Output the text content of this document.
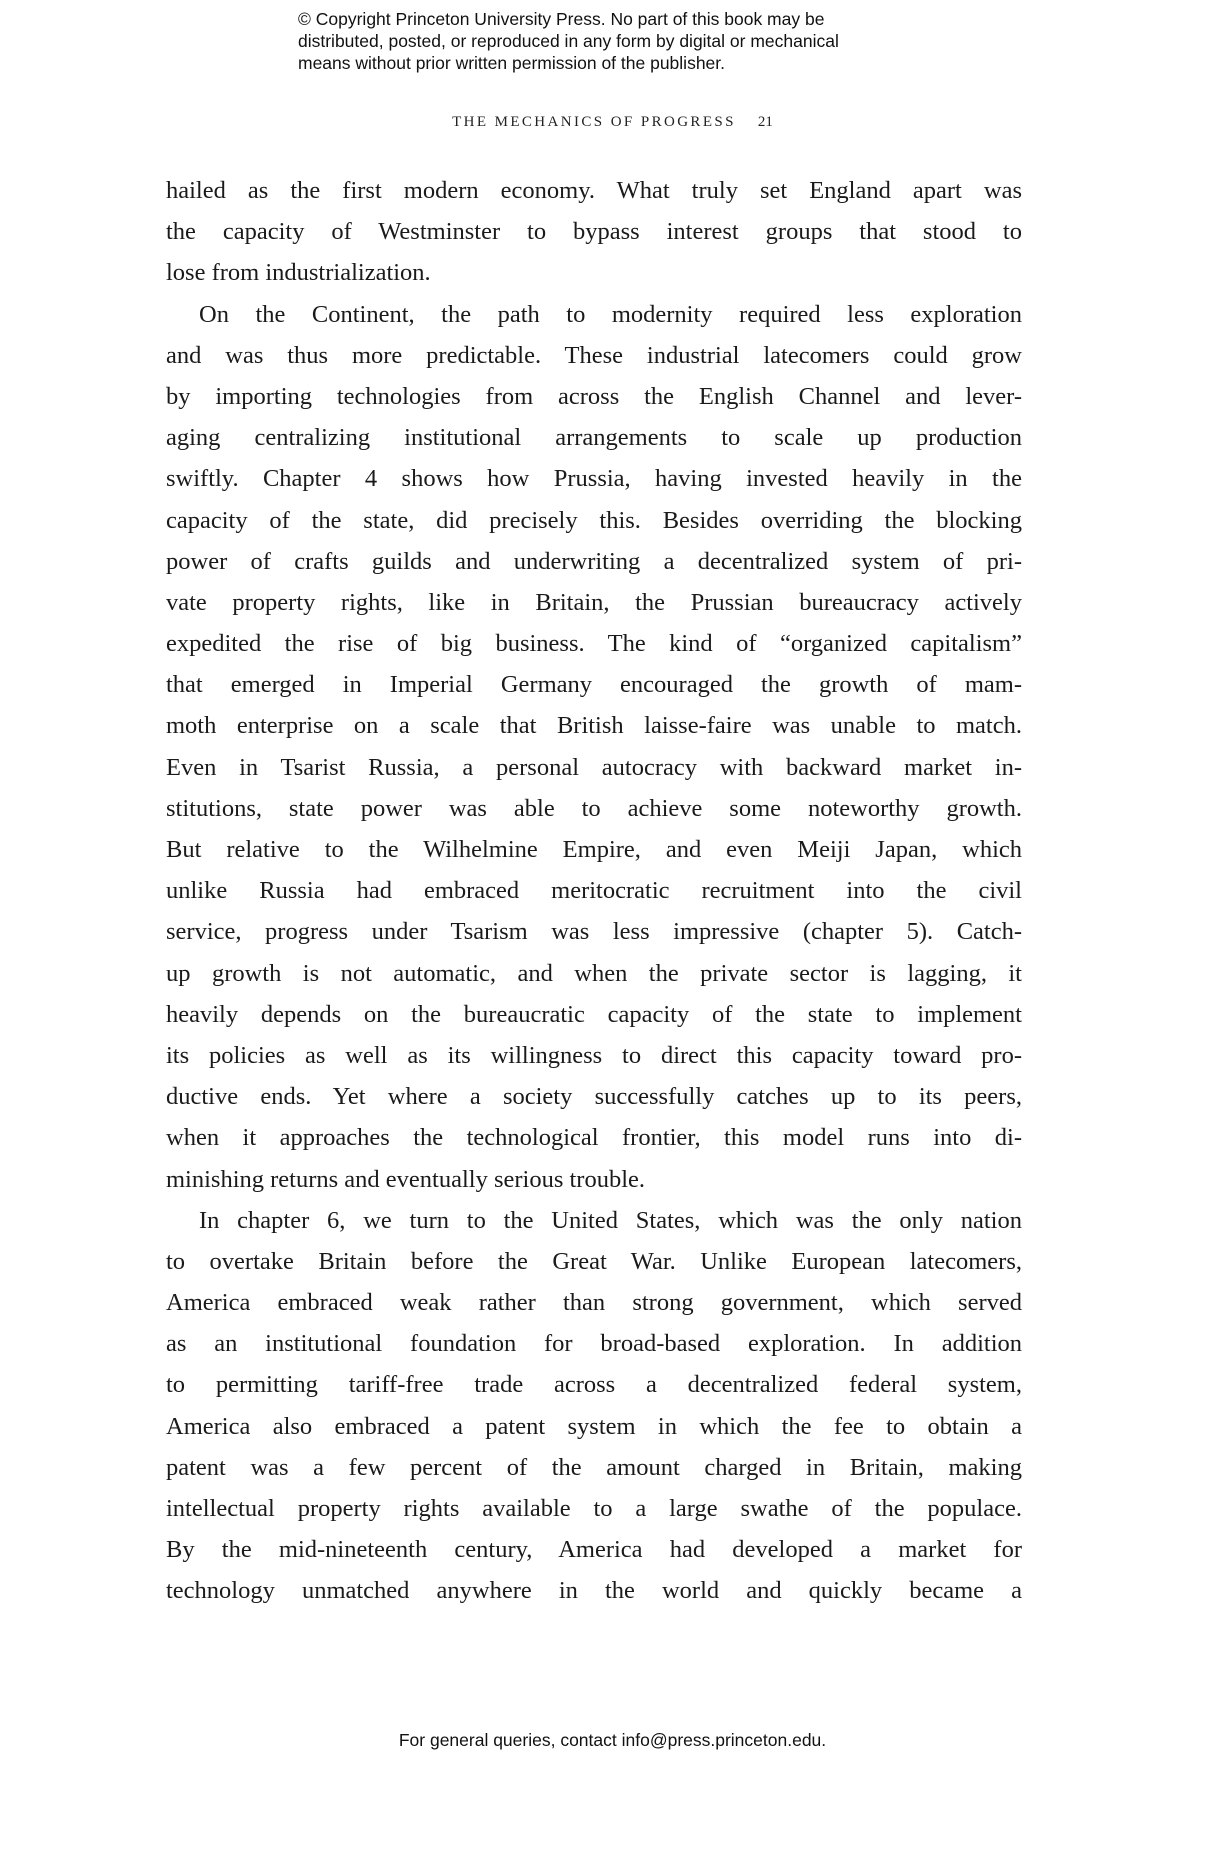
© Copyright Princeton University Press. No part of this book may be
distributed, posted, or reproduced in any form by digital or mechanical
means without prior written permission of the publisher.
THE MECHANICS OF PROGRESS 21
hailed as the first modern economy. What truly set England apart was
the capacity of Westminster to bypass interest groups that stood to
lose from industrialization.
On the Continent, the path to modernity required less exploration
and was thus more predictable. These industrial latecomers could grow
by importing technologies from across the English Channel and lever-
aging centralizing institutional arrangements to scale up production
swiftly. Chapter 4 shows how Prussia, having invested heavily in the
capacity of the state, did precisely this. Besides overriding the blocking
power of crafts guilds and underwriting a decentralized system of pri-
vate property rights, like in Britain, the Prussian bureaucracy actively
expedited the rise of big business. The kind of “organized capitalism”
that emerged in Imperial Germany encouraged the growth of mam-
moth enterprise on a scale that British laisse-faire was unable to match.
Even in Tsarist Russia, a personal autocracy with backward market in-
stitutions, state power was able to achieve some noteworthy growth.
But relative to the Wilhelmine Empire, and even Meiji Japan, which
unlike Russia had embraced meritocratic recruitment into the civil
service, progress under Tsarism was less impressive (chapter 5). Catch-
up growth is not automatic, and when the private sector is lagging, it
heavily depends on the bureaucratic capacity of the state to implement
its policies as well as its willingness to direct this capacity toward pro-
ductive ends. Yet where a society successfully catches up to its peers,
when it approaches the technological frontier, this model runs into di-
minishing returns and eventually serious trouble.
In chapter 6, we turn to the United States, which was the only nation
to overtake Britain before the Great War. Unlike European latecomers,
America embraced weak rather than strong government, which served
as an institutional foundation for broad-based exploration. In addition
to permitting tariff-free trade across a decentralized federal system,
America also embraced a patent system in which the fee to obtain a
patent was a few percent of the amount charged in Britain, making
intellectual property rights available to a large swathe of the populace.
By the mid-nineteenth century, America had developed a market for
technology unmatched anywhere in the world and quickly became a
For general queries, contact info@press.princeton.edu.
